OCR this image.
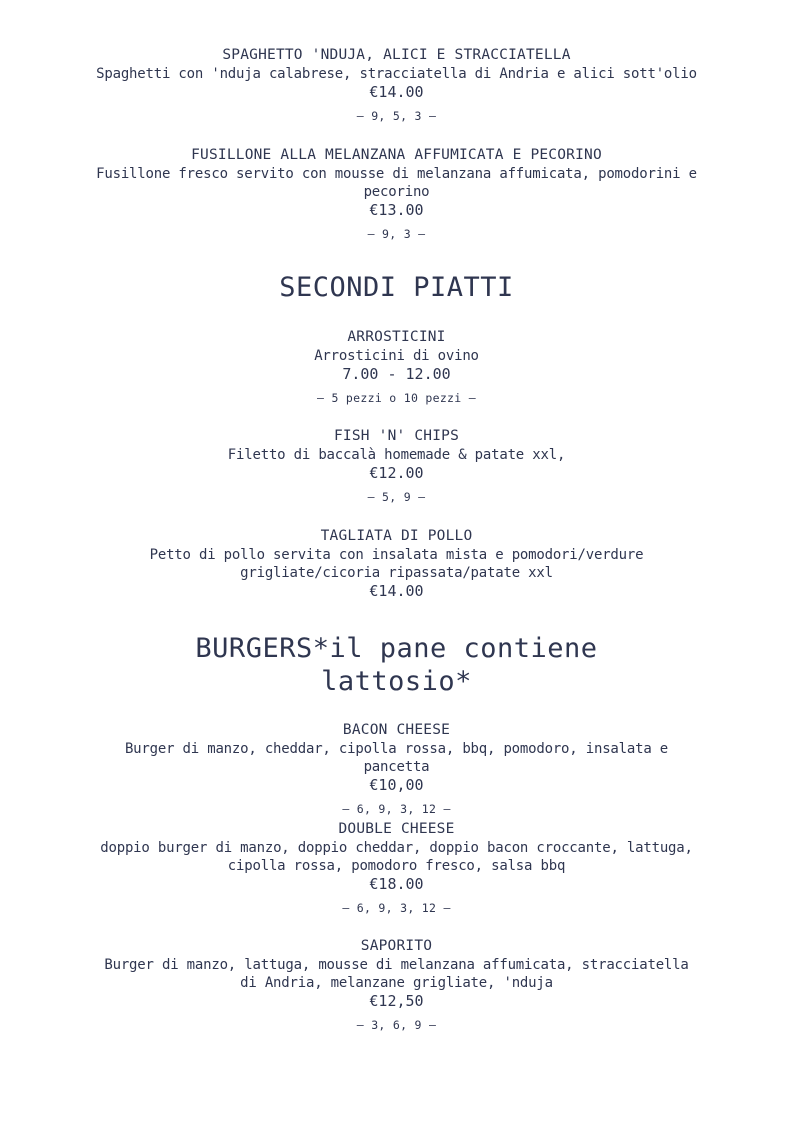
SPAGHETTO 'NDUJA, ALICI E STRACCIATELLA
Spaghetti con 'nduja calabrese, stracciatella di Andria e alici sott'olio
€14.00
— 9, 5, 3 —
FUSILLONE ALLA MELANZANA AFFUMICATA E PECORINO
Fusillone fresco servito con mousse di melanzana affumicata, pomodorini e pecorino
€13.00
— 9, 3 —
SECONDI PIATTI
ARROSTICINI
Arrosticini di ovino
7.00 - 12.00
— 5 pezzi o 10 pezzi —
FISH 'N' CHIPS
Filetto di baccalà homemade & patate xxl,
€12.00
— 5, 9 —
TAGLIATA DI POLLO
Petto di pollo servita con insalata mista e pomodori/verdure grigliate/cicoria ripassata/patate xxl
€14.00
BURGERS*il pane contiene
lattosio*
BACON CHEESE
Burger di manzo, cheddar, cipolla rossa, bbq, pomodoro, insalata e pancetta
€10,00
— 6, 9, 3, 12 —
DOUBLE CHEESE
doppio burger di manzo, doppio cheddar, doppio bacon croccante, lattuga, cipolla rossa, pomodoro fresco, salsa bbq
€18.00
— 6, 9, 3, 12 —
SAPORITO
Burger di manzo, lattuga, mousse di melanzana affumicata, stracciatella di Andria, melanzane grigliate, 'nduja
€12,50
— 3, 6, 9 —
